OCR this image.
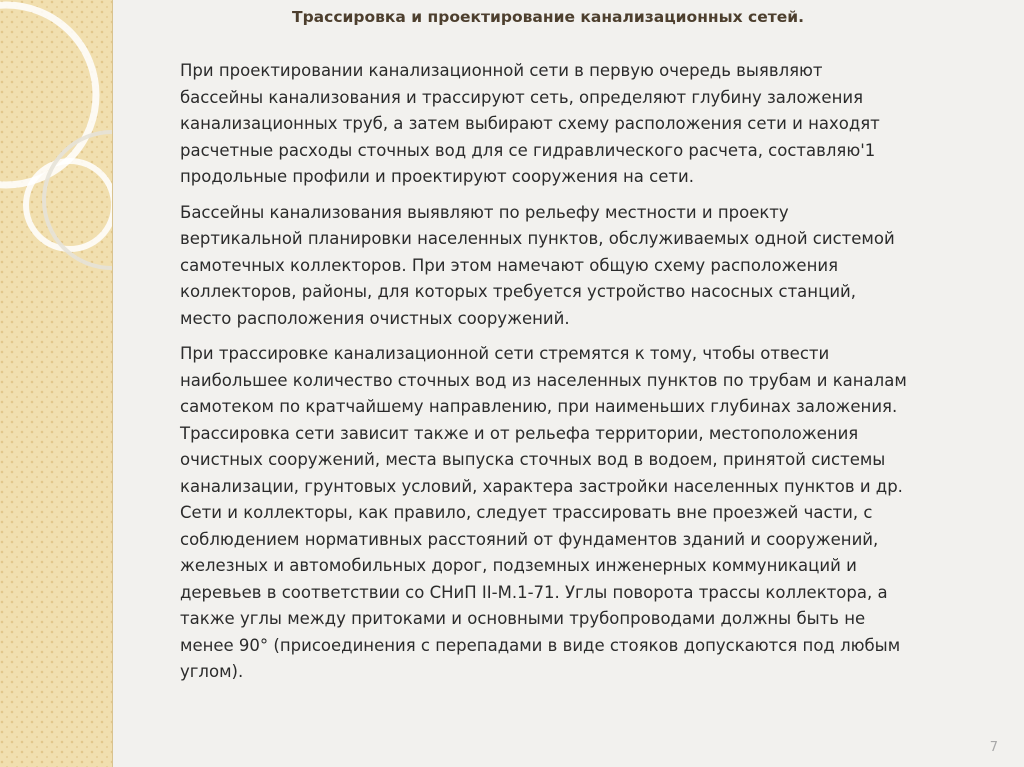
Трассировка и проектирование канализационных сетей.

При проектировании канализационной сети в первую очередь выявляют
бассейны канализования и трассируют сеть, определяют глубину заложения
канализационных труб, а затем выбирают схему расположения сети и находят
расчетные расходы сточных вод для се гидравлического расчета, составляю'1
продольные профили и проектируют сооружения на сети.

Бассейны канализования выявляют по рельефу местности и проекту
вертикальной планировки населенных пунктов, обслуживаемых одной системой
самотечных коллекторов. При этом намечают общую схему расположения
коллекторов, районы, для которых требуется устройство насосных станций,
место расположения очистных сооружений.

При трассировке канализационной сети стремятся к тому, чтобы отвести
наибольшее количество сточных вод из населенных пунктов по трубам и каналам
самотеком по кратчайшему направлению, при наименьших глубинах заложения.
Трассировка сети зависит также и от рельефа территории, местоположения
очистных сооружений, места выпуска сточных вод в водоем, принятой системы
канализации, грунтовых условий, характера застройки населенных пунктов и др.
Сети и коллекторы, как правило, следует трассировать вне проезжей части, с
соблюдением нормативных расстояний от фундаментов зданий и сооружений,
железных и автомобильных дорог, подземных инженерных коммуникаций и
деревьев в соответствии со СНиП II-М.1-71. Углы поворота трассы коллектора, а
также углы между притоками и основными трубопроводами должны быть не
менее 90° (присоединения с перепадами в виде стояков допускаются под любым
углом).

7
